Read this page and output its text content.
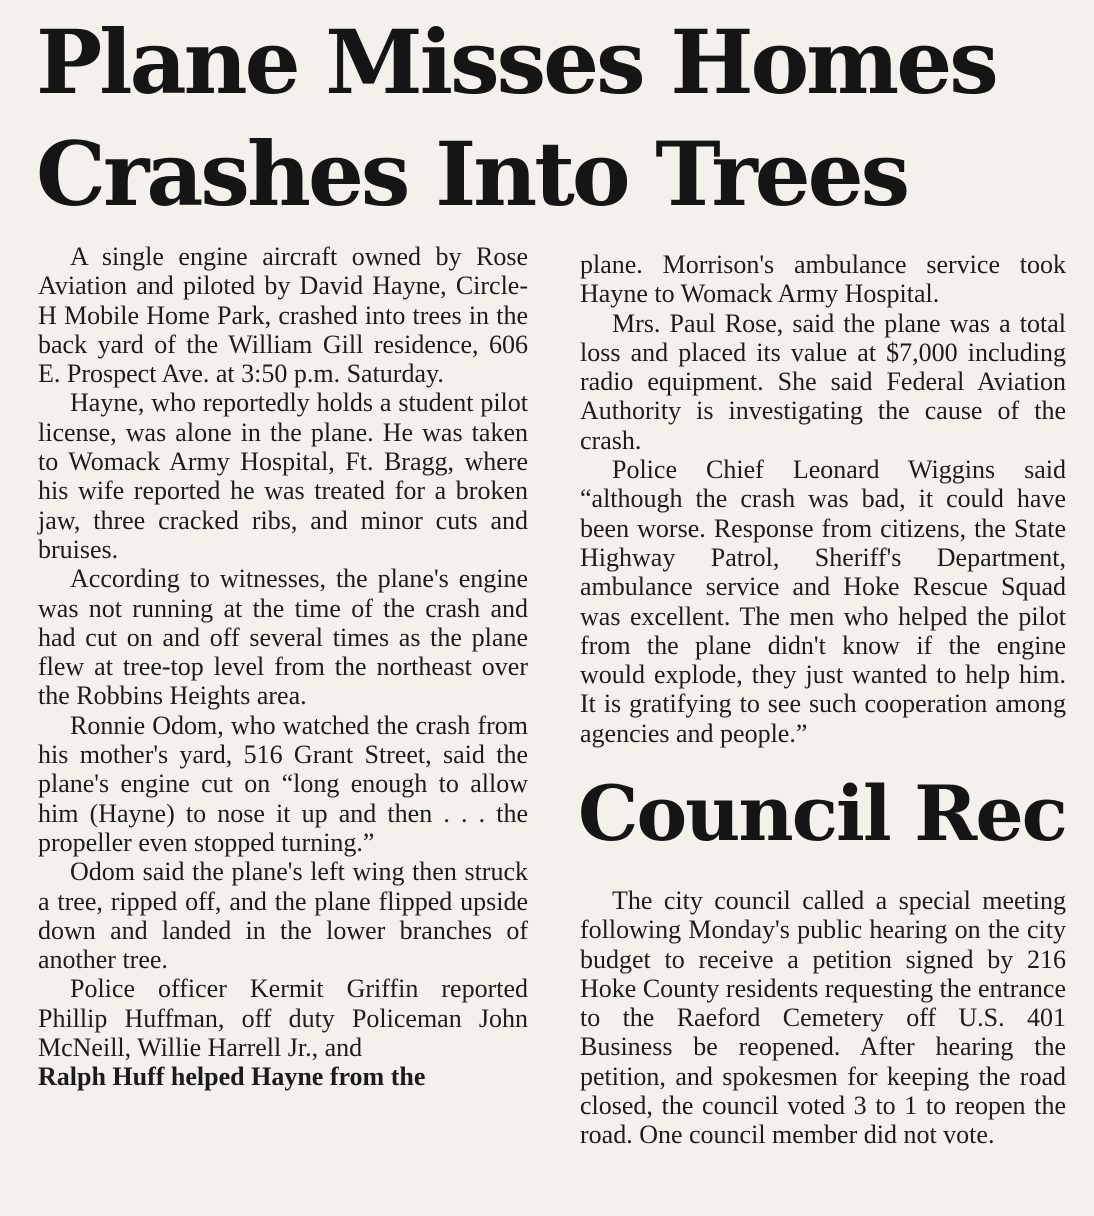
Plane Misses Homes
Crashes Into Trees

A single engine aircraft owned by Rose Aviation and piloted by David Hayne, Circle-H Mobile Home Park, crashed into trees in the back yard of the William Gill residence, 606 E. Prospect Ave. at 3:50 p.m. Saturday.

Hayne, who reportedly holds a student pilot license, was alone in the plane. He was taken to Womack Army Hospital, Ft. Bragg, where his wife reported he was treated for a broken jaw, three cracked ribs, and minor cuts and bruises.

According to witnesses, the plane's engine was not running at the time of the crash and had cut on and off several times as the plane flew at tree-top level from the northeast over the Robbins Heights area.

Ronnie Odom, who watched the crash from his mother's yard, 516 Grant Street, said the plane's engine cut on “long enough to allow him (Hayne) to nose it up and then . . . the propeller even stopped turning.”

Odom said the plane's left wing then struck a tree, ripped off, and the plane flipped upside down and landed in the lower branches of another tree.

Police officer Kermit Griffin reported Phillip Huffman, off duty Policeman John McNeill, Willie Harrell Jr., and

Ralph Huff helped Hayne from the

plane. Morrison's ambulance service took Hayne to Womack Army Hospital.

Mrs. Paul Rose, said the plane was a total loss and placed its value at $7,000 including radio equipment. She said Federal Aviation Authority is investigating the cause of the crash.

Police Chief Leonard Wiggins said “although the crash was bad, it could have been worse. Response from citizens, the State Highway Patrol, Sheriff's Department, ambulance service and Hoke Rescue Squad was excellent. The men who helped the pilot from the plane didn't know if the engine would explode, they just wanted to help him. It is gratifying to see such cooperation among agencies and people.”

Council Rec

The city council called a special meeting following Monday's public hearing on the city budget to receive a petition signed by 216 Hoke County residents requesting the entrance to the Raeford Cemetery off U.S. 401 Business be reopened. After hearing the petition, and spokesmen for keeping the road closed, the council voted 3 to 1 to reopen the road. One council member did not vote.
